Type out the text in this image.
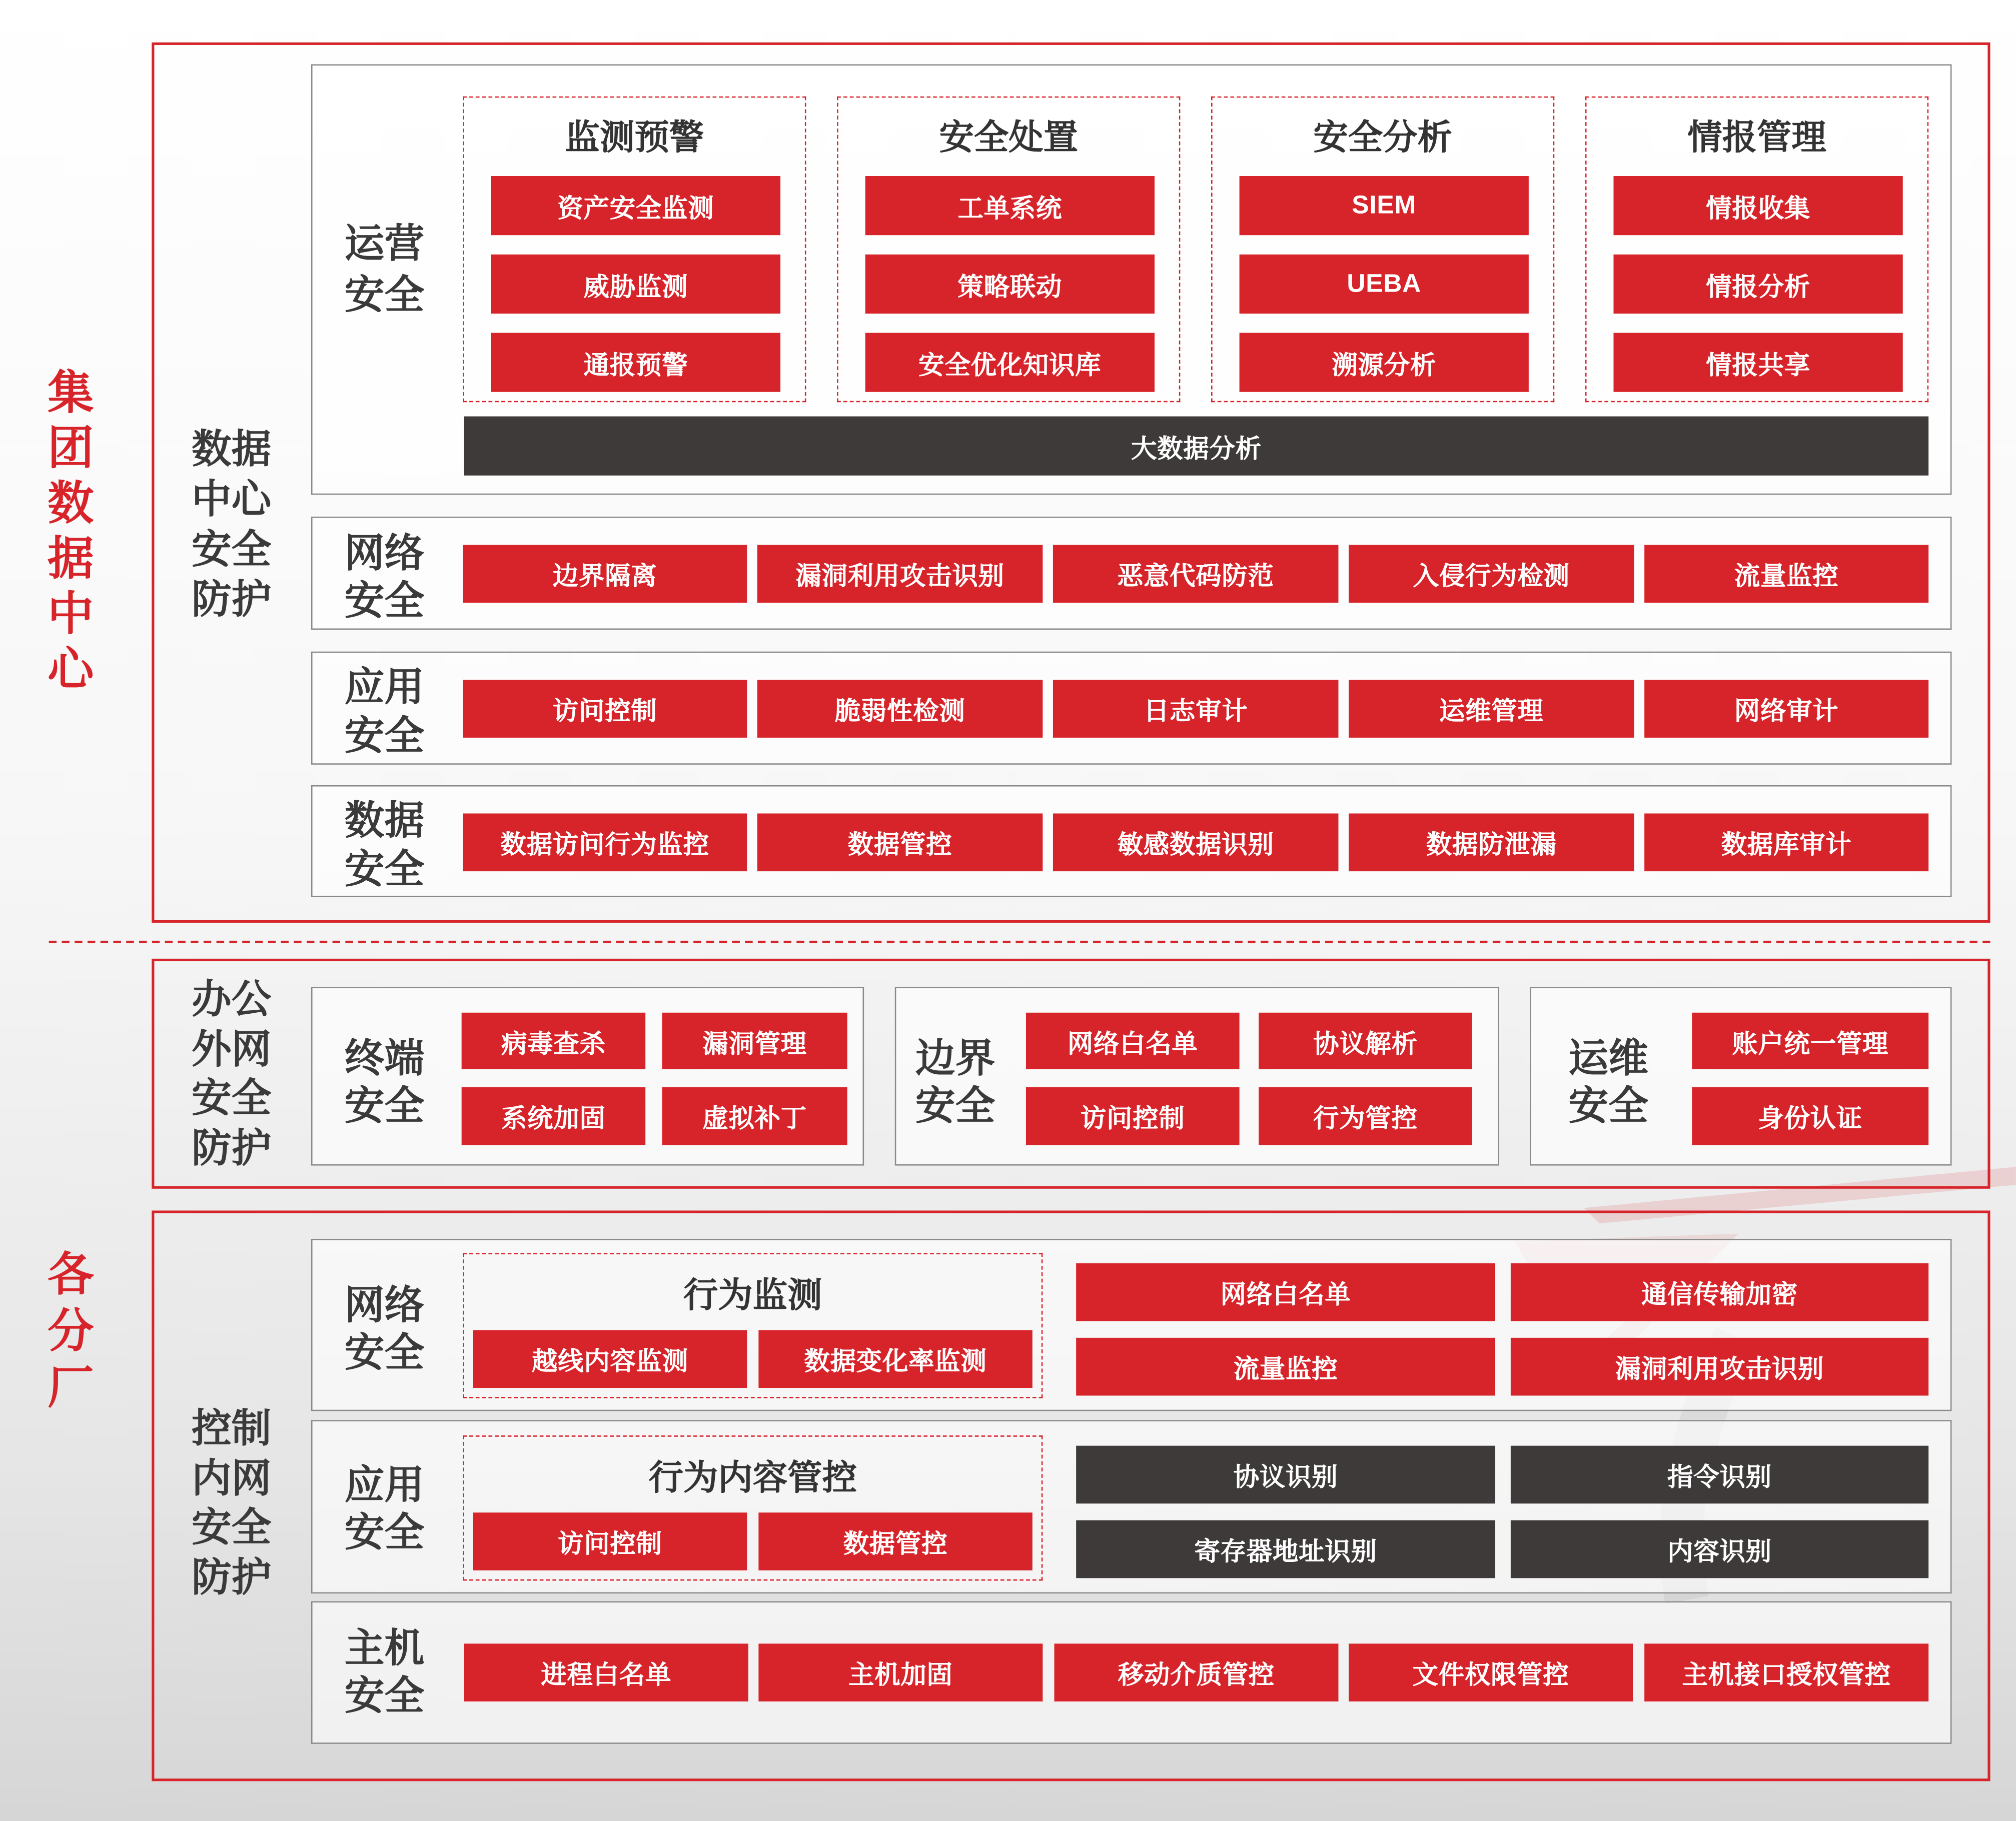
集团数据中心
各分厂
数据
中心
安全
防护
运营
安全
监测预警
资产安全监测
威胁监测
通报预警
安全处置
工单系统
策略联动
安全优化知识库
安全分析
SIEM
UEBA
溯源分析
情报管理
情报收集
情报分析
情报共享
大数据分析
网络
安全
边界隔离	漏洞利用攻击识别	恶意代码防范	入侵行为检测	流量监控
应用
安全
访问控制	脆弱性检测	日志审计	运维管理	网络审计
数据
安全
数据访问行为监控	数据管控	敏感数据识别	数据防泄漏	数据库审计
办公
外网
安全
防护
终端
安全
病毒查杀	漏洞管理
系统加固	虚拟补丁
边界
安全
网络白名单	协议解析
访问控制	行为管控
运维
安全
账户统一管理
身份认证
控制
内网
安全
防护
网络
安全
行为监测
越线内容监测	数据变化率监测
网络白名单	通信传输加密
流量监控	漏洞利用攻击识别
应用
安全
行为内容管控
访问控制	数据管控
协议识别	指令识别
寄存器地址识别	内容识别
主机
安全	进程白名单	主机加固	移动介质管控	文件权限管控	主机接口授权管控
